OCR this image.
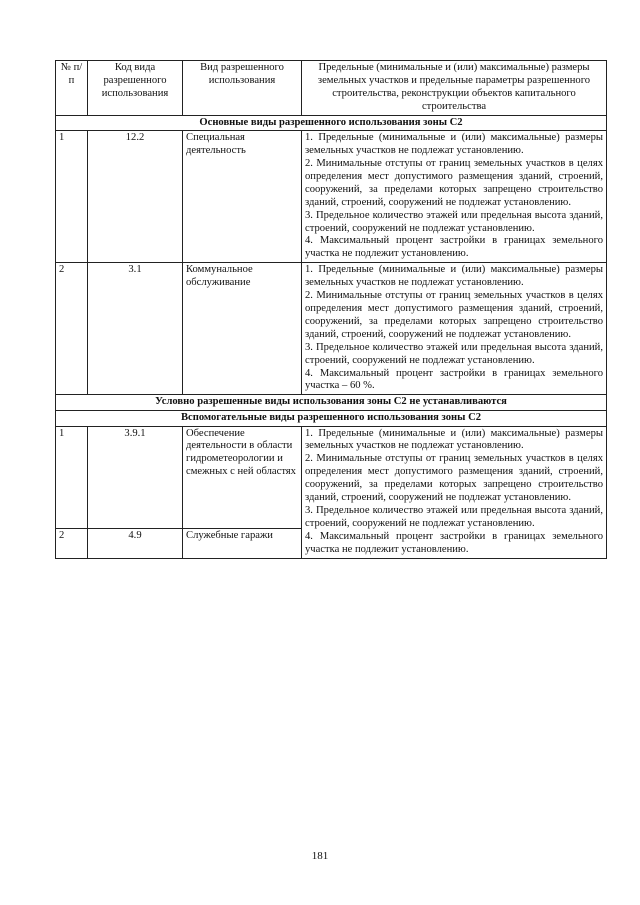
№ п/п	Код вида разрешенного использования	Вид разрешенного использования	Предельные (минимальные и (или) максимальные) размеры земельных участков и предельные параметры разрешенного строительства, реконструкции объектов капитального строительства
Основные виды разрешенного использования зоны С2			
1	12.2	Специальная деятельность	1. Предельные (минимальные и (или) максимальные) размеры земельных участков не подлежат установлению.
2. Минимальные отступы от границ земельных участков в целях определения мест допустимого размещения зданий, строений, сооружений, за пределами которых запрещено строительство зданий, строений, сооружений не подлежат установлению.
3. Предельное количество этажей или предельная высота зданий, строений, сооружений не подлежат установлению.
4. Максимальный процент застройки в границах земельного участка не подлежит установлению.

2	3.1	Коммунальное обслуживание	1. Предельные (минимальные и (или) максимальные) размеры земельных участков не подлежат установлению.
2. Минимальные отступы от границ земельных участков в целях определения мест допустимого размещения зданий, строений, сооружений, за пределами которых запрещено строительство зданий, строений, сооружений не подлежат установлению.
3. Предельное количество этажей или предельная высота зданий, строений, сооружений не подлежат установлению.
4. Максимальный процент застройки в границах земельного участка – 60 %.

Условно разрешенные виды использования зоны С2 не устанавливаются			
Вспомогательные виды разрешенного использования зоны С2			
1	3.9.1	Обеспечение деятельности в области гидрометеорологии и смежных с ней областях	1. Предельные (минимальные и (или) максимальные) размеры земельных участков не подлежат установлению.
2. Минимальные отступы от границ земельных участков в целях определения мест допустимого размещения зданий, строений, сооружений, за пределами которых запрещено строительство зданий, строений, сооружений не подлежат установлению.
3. Предельное количество этажей или предельная высота зданий, строений, сооружений не подлежат установлению.
4. Максимальный процент застройки в границах земельного участка не подлежит установлению.

2	4.9	Служебные гаражи	
181
